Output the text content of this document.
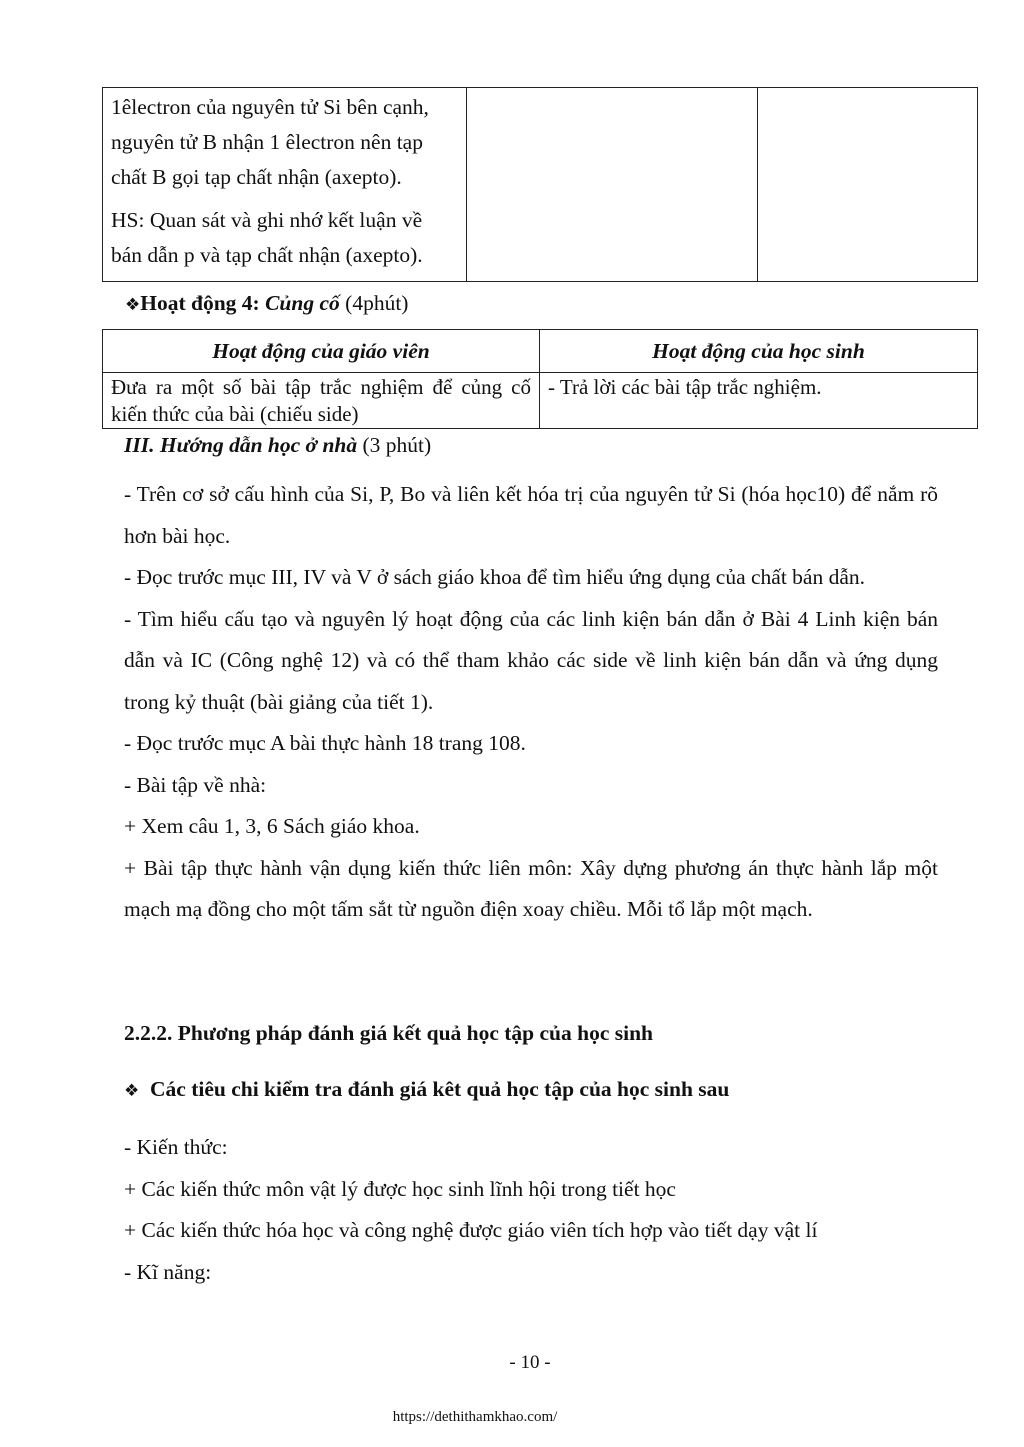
1êlectron của nguyên tử Si bên cạnh, nguyên tử B nhận 1 êlectron nên tạp chất B gọi tạp chất nhận (axepto).

HS: Quan sát và ghi nhớ kết luận về bán dẫn p và tạp chất nhận (axepto).

❖Hoạt động 4: Củng cố (4phút)
Hoạt động của giáo viên	Hoạt động của học sinh
Đưa ra một số bài tập trắc nghiệm để củng cố kiến thức của bài (chiếu side)	- Trả lời các bài tập trắc nghiệm.
III. Hướng dẫn học ở nhà (3 phút)
- Trên cơ sở cấu hình của Si, P, Bo và liên kết hóa trị của nguyên tử Si (hóa học10) để nắm rõ hơn bài học.
- Đọc trước mục III, IV và V ở sách giáo khoa để tìm hiểu ứng dụng của chất bán dẫn.
- Tìm hiểu cấu tạo và nguyên lý hoạt động của các linh kiện bán dẫn ở Bài 4 Linh kiện bán dẫn và IC (Công nghệ 12) và có thể tham khảo các side về linh kiện bán dẫn và ứng dụng trong kỷ thuật (bài giảng của tiết 1).
- Đọc trước mục A bài thực hành 18 trang 108.
- Bài tập về nhà:
+ Xem câu 1, 3, 6 Sách giáo khoa.
+ Bài tập thực hành vận dụng kiến thức liên môn: Xây dựng phương án thực hành lắp một mạch mạ đồng cho một tấm sắt từ nguồn điện xoay chiều. Mỗi tổ lắp một mạch.
2.2.2. Phương pháp đánh giá kết quả học tập của học sinh
❖ Các tiêu chi kiểm tra đánh giá kêt quả học tập của học sinh sau
- Kiến thức:
+ Các kiến thức môn vật lý được học sinh lĩnh hội trong tiết học
+ Các kiến thức hóa học và công nghệ được giáo viên tích hợp vào tiết dạy vật lí
- Kĩ năng:
- 10 -
https://dethithamkhao.com/
